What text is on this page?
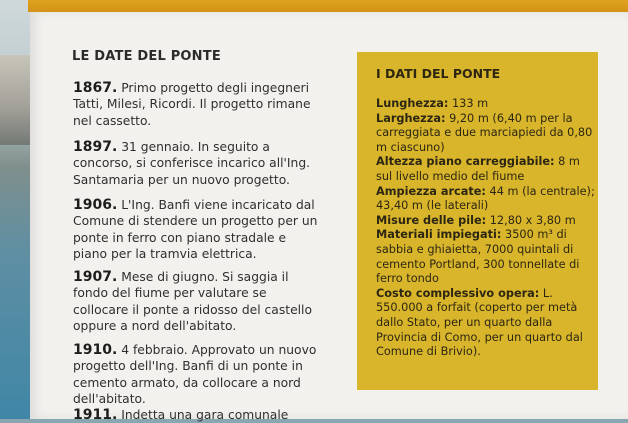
LE DATE DEL PONTE
1867. Primo progetto degli ingegneri Tatti, Milesi, Ricordi. Il progetto rimane nel cassetto.
1897. 31 gennaio. In seguito a concorso, si conferisce incarico all'Ing. Santamaria per un nuovo progetto.
1906. L'Ing. Banfi viene incaricato dal Comune di stendere un progetto per un ponte in ferro con piano stradale e piano per la tramvia elettrica.
1907. Mese di giugno. Si saggia il fondo del fiume per valutare se collocare il ponte a ridosso del castello oppure a nord dell'abitato.
1910. 4 febbraio. Approvato un nuovo progetto dell'Ing. Banfi di un ponte in cemento armato, da collocare a nord dell'abitato.
1911. Indetta una gara comunale
I DATI DEL PONTE

Lunghezza: 133 m

Larghezza: 9,20 m (6,40 m per la carreggiata e due marciapiedi da 0,80 m ciascuno)

Altezza piano carreggiabile: 8 m sul livello medio del fiume

Ampiezza arcate: 44 m (la centrale); 43,40 m (le laterali)

Misure delle pile: 12,80 x 3,80 m

Materiali impiegati: 3500 m³ di sabbia e ghiaietta, 7000 quintali di cemento Portland, 300 tonnellate di ferro tondo

Costo complessivo opera: L. 550.000 a forfait (coperto per metà dallo Stato, per un quarto dalla Provincia di Como, per un quarto dal Comune di Brivio).
